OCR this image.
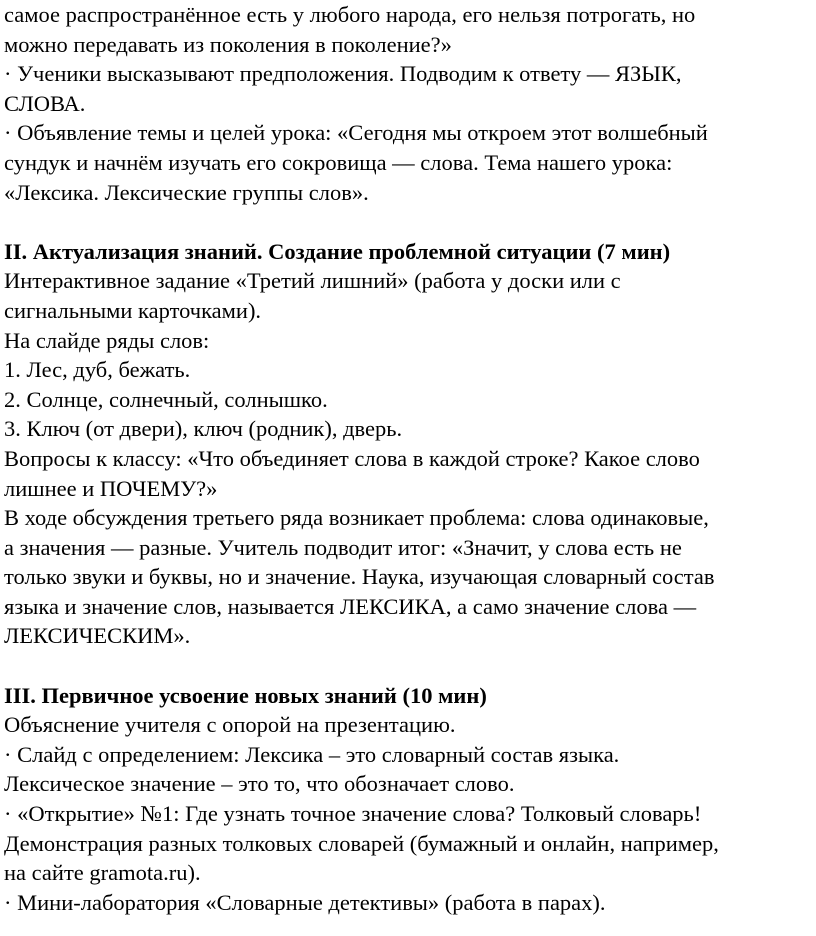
самое распространённое есть у любого народа, его нельзя потрогать, но
можно передавать из поколения в поколение?»
· Ученики высказывают предположения. Подводим к ответу — ЯЗЫК,
СЛОВА.
· Объявление темы и целей урока: «Сегодня мы откроем этот волшебный
сундук и начнём изучать его сокровища — слова. Тема нашего урока:
«Лексика. Лексические группы слов».
II. Актуализация знаний. Создание проблемной ситуации (7 мин)
Интерактивное задание «Третий лишний» (работа у доски или с
сигнальными карточками).
На слайде ряды слов:
1. Лес, дуб, бежать.
2. Солнце, солнечный, солнышко.
3. Ключ (от двери), ключ (родник), дверь.
Вопросы к классу: «Что объединяет слова в каждой строке? Какое слово
лишнее и ПОЧЕМУ?»
В ходе обсуждения третьего ряда возникает проблема: слова одинаковые,
а значения — разные. Учитель подводит итог: «Значит, у слова есть не
только звуки и буквы, но и значение. Наука, изучающая словарный состав
языка и значение слов, называется ЛЕКСИКА, а само значение слова —
ЛЕКСИЧЕСКИМ».
III. Первичное усвоение новых знаний (10 мин)
Объяснение учителя с опорой на презентацию.
· Слайд с определением: Лексика – это словарный состав языка.
Лексическое значение – это то, что обозначает слово.
· «Открытие» №1: Где узнать точное значение слова? Толковый словарь!
Демонстрация разных толковых словарей (бумажный и онлайн, например,
на сайте gramota.ru).
· Мини-лаборатория «Словарные детективы» (работа в парах).
